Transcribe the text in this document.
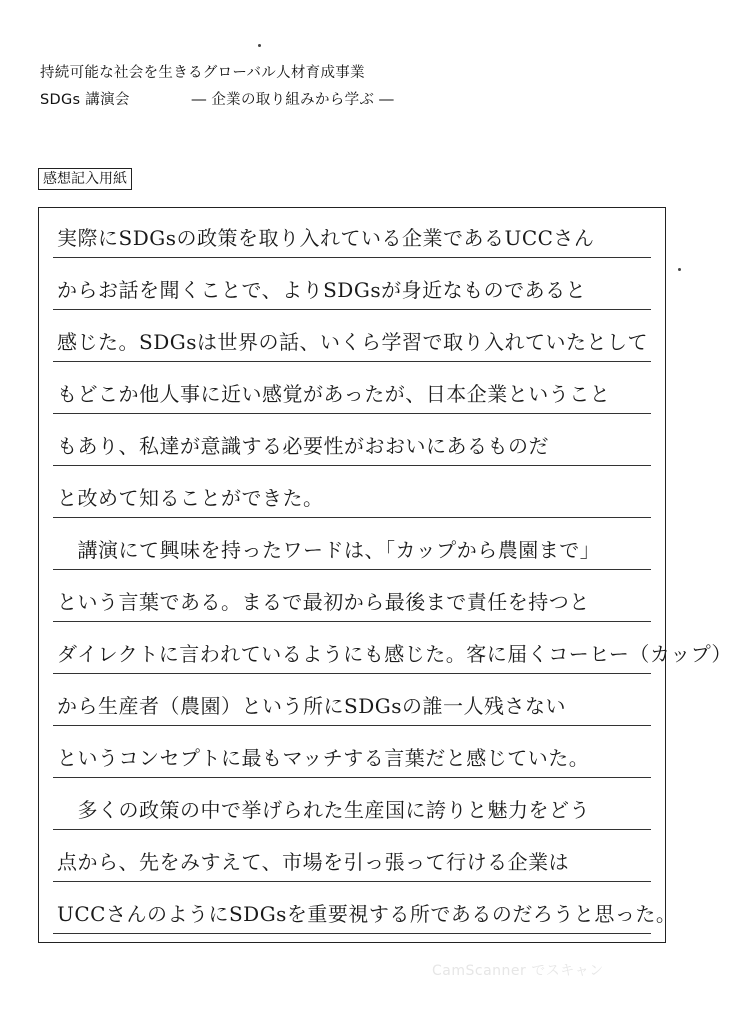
持続可能な社会を生きるグローバル人材育成事業
SDGs 講演会	― 企業の取り組みから学ぶ ―
感想記入用紙
実際にSDGsの政策を取り入れている企業であるUCCさん
からお話を聞くことで、よりSDGsが身近なものであると
感じた。SDGsは世界の話、いくら学習で取り入れていたとして
もどこか他人事に近い感覚があったが、日本企業ということ
もあり、私達が意識する必要性がおおいにあるものだ
と改めて知ることができた。
　講演にて興味を持ったワードは、「カップから農園まで」
という言葉である。まるで最初から最後まで責任を持つと
ダイレクトに言われているようにも感じた。客に届くコーヒー（カップ）
から生産者（農園）という所にSDGsの誰一人残さない
というコンセプトに最もマッチする言葉だと感じていた。
　多くの政策の中で挙げられた生産国に誇りと魅力をどう
点から、先をみすえて、市場を引っ張って行ける企業は
UCCさんのようにSDGsを重要視する所であるのだろうと思った。
CamScanner でスキャン
